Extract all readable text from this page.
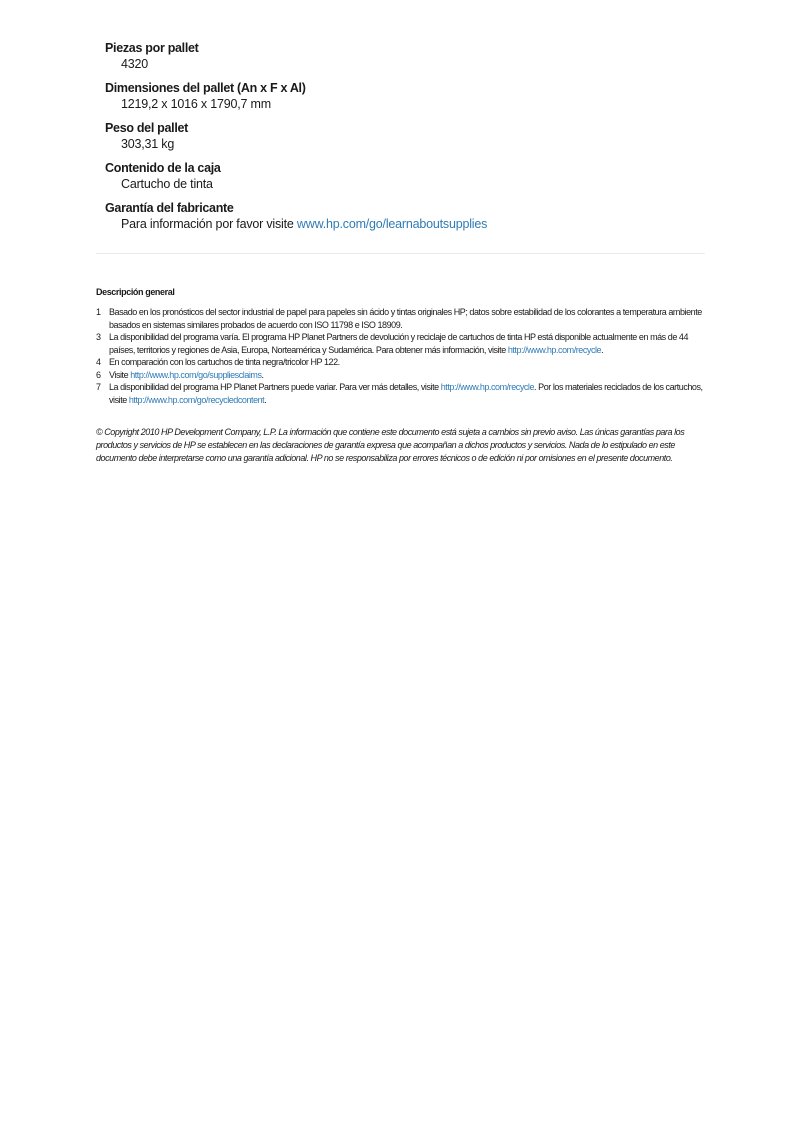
Piezas por pallet
4320
Dimensiones del pallet (An x F x Al)
1219,2 x 1016 x 1790,7 mm
Peso del pallet
303,31 kg
Contenido de la caja
Cartucho de tinta
Garantía del fabricante
Para información por favor visite www.hp.com/go/learnaboutsupplies
Descripción general
1 Basado en los pronósticos del sector industrial de papel para papeles sin ácido y tintas originales HP; datos sobre estabilidad de los colorantes a temperatura ambiente basados en sistemas similares probados de acuerdo con ISO 11798 e ISO 18909.
3 La disponibilidad del programa varía. El programa HP Planet Partners de devolución y reciclaje de cartuchos de tinta HP está disponible actualmente en más de 44 países, territorios y regiones de Asia, Europa, Norteamérica y Sudamérica. Para obtener más información, visite http://www.hp.com/recycle.
4 En comparación con los cartuchos de tinta negra/tricolor HP 122.
6 Visite http://www.hp.com/go/suppliesclaims.
7 La disponibilidad del programa HP Planet Partners puede variar. Para ver más detalles, visite http://www.hp.com/recycle. Por los materiales reciclados de los cartuchos, visite http://www.hp.com/go/recycledcontent.
© Copyright 2010 HP Development Company, L.P. La información que contiene este documento está sujeta a cambios sin previo aviso. Las únicas garantías para los productos y servicios de HP se establecen en las declaraciones de garantía expresa que acompañan a dichos productos y servicios. Nada de lo estipulado en este documento debe interpretarse como una garantía adicional. HP no se responsabiliza por errores técnicos o de edición ni por omisiones en el presente documento.
